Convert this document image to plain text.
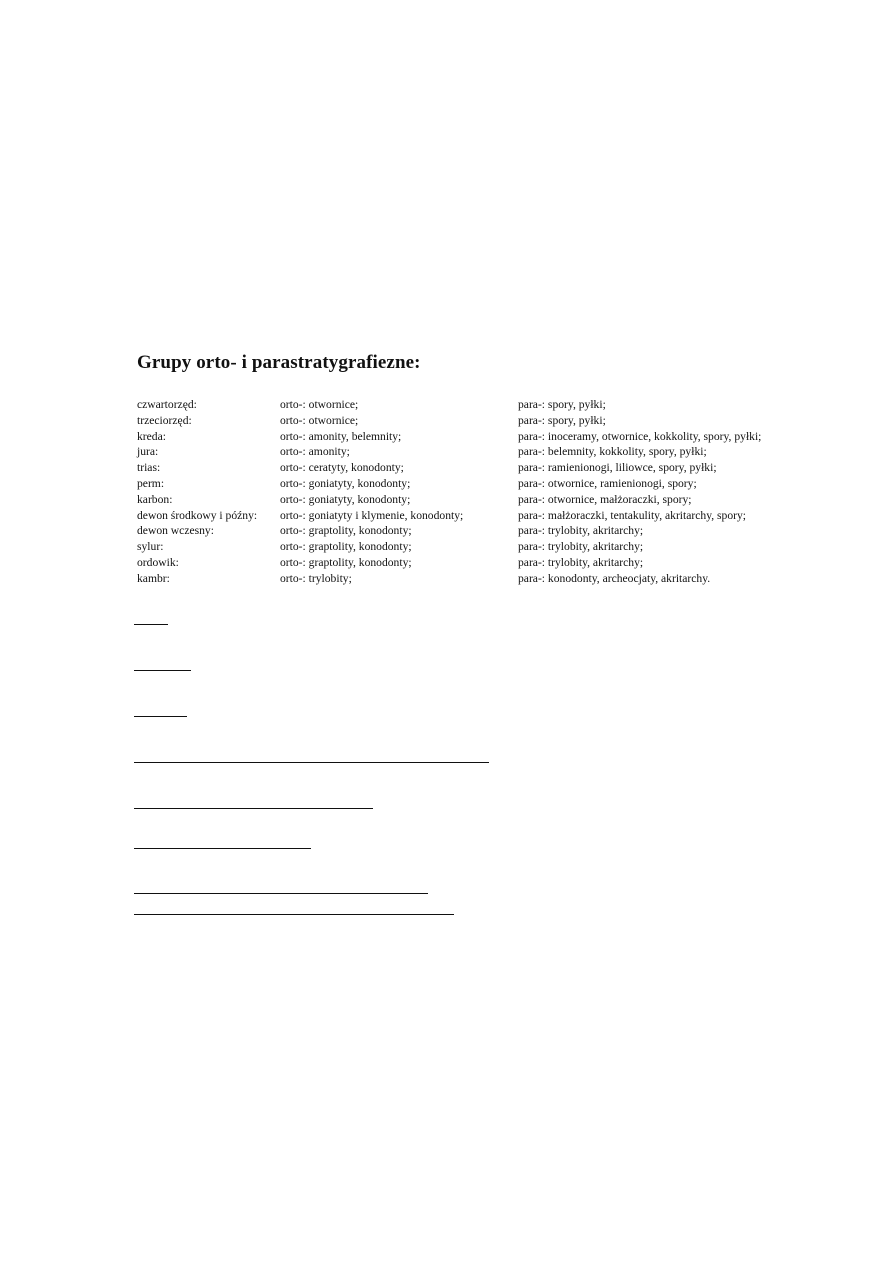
Grupy orto- i parastratygrafiezne:
czwartorzęd:	orto-: otwornice;	para-: spory, pyłki;
trzeciorzęd:	orto-: otwornice;	para-: spory, pyłki;
kreda:	orto-: amonity, belemnity;	para-: inoceramy, otwornice, kokkolity, spory, pyłki;
jura:	orto-: amonity;	para-: belemnity, kokkolity, spory, pyłki;
trias:	orto-: ceratyty, konodonty;	para-: ramienionogi, liliowce, spory, pyłki;
perm:	orto-: goniatyty, konodonty;	para-: otwornice, ramienionogi, spory;
karbon:	orto-: goniatyty, konodonty;	para-: otwornice, małżoraczki, spory;
dewon środkowy i późny: orto-: goniatyty i klymenie, konodonty;	para-: małżoraczki, tentakulity, akritarchy, spory;
dewon wczesny:	orto-: graptolity, konodonty;	para-: trylobity, akritarchy;
sylur:	orto-: graptolity, konodonty;	para-: trylobity, akritarchy;
ordowik:	orto-: graptolity, konodonty;	para-: trylobity, akritarchy;
kambr:	orto-: trylobity;	para-: konodonty, archeocjaty, akritarchy.
